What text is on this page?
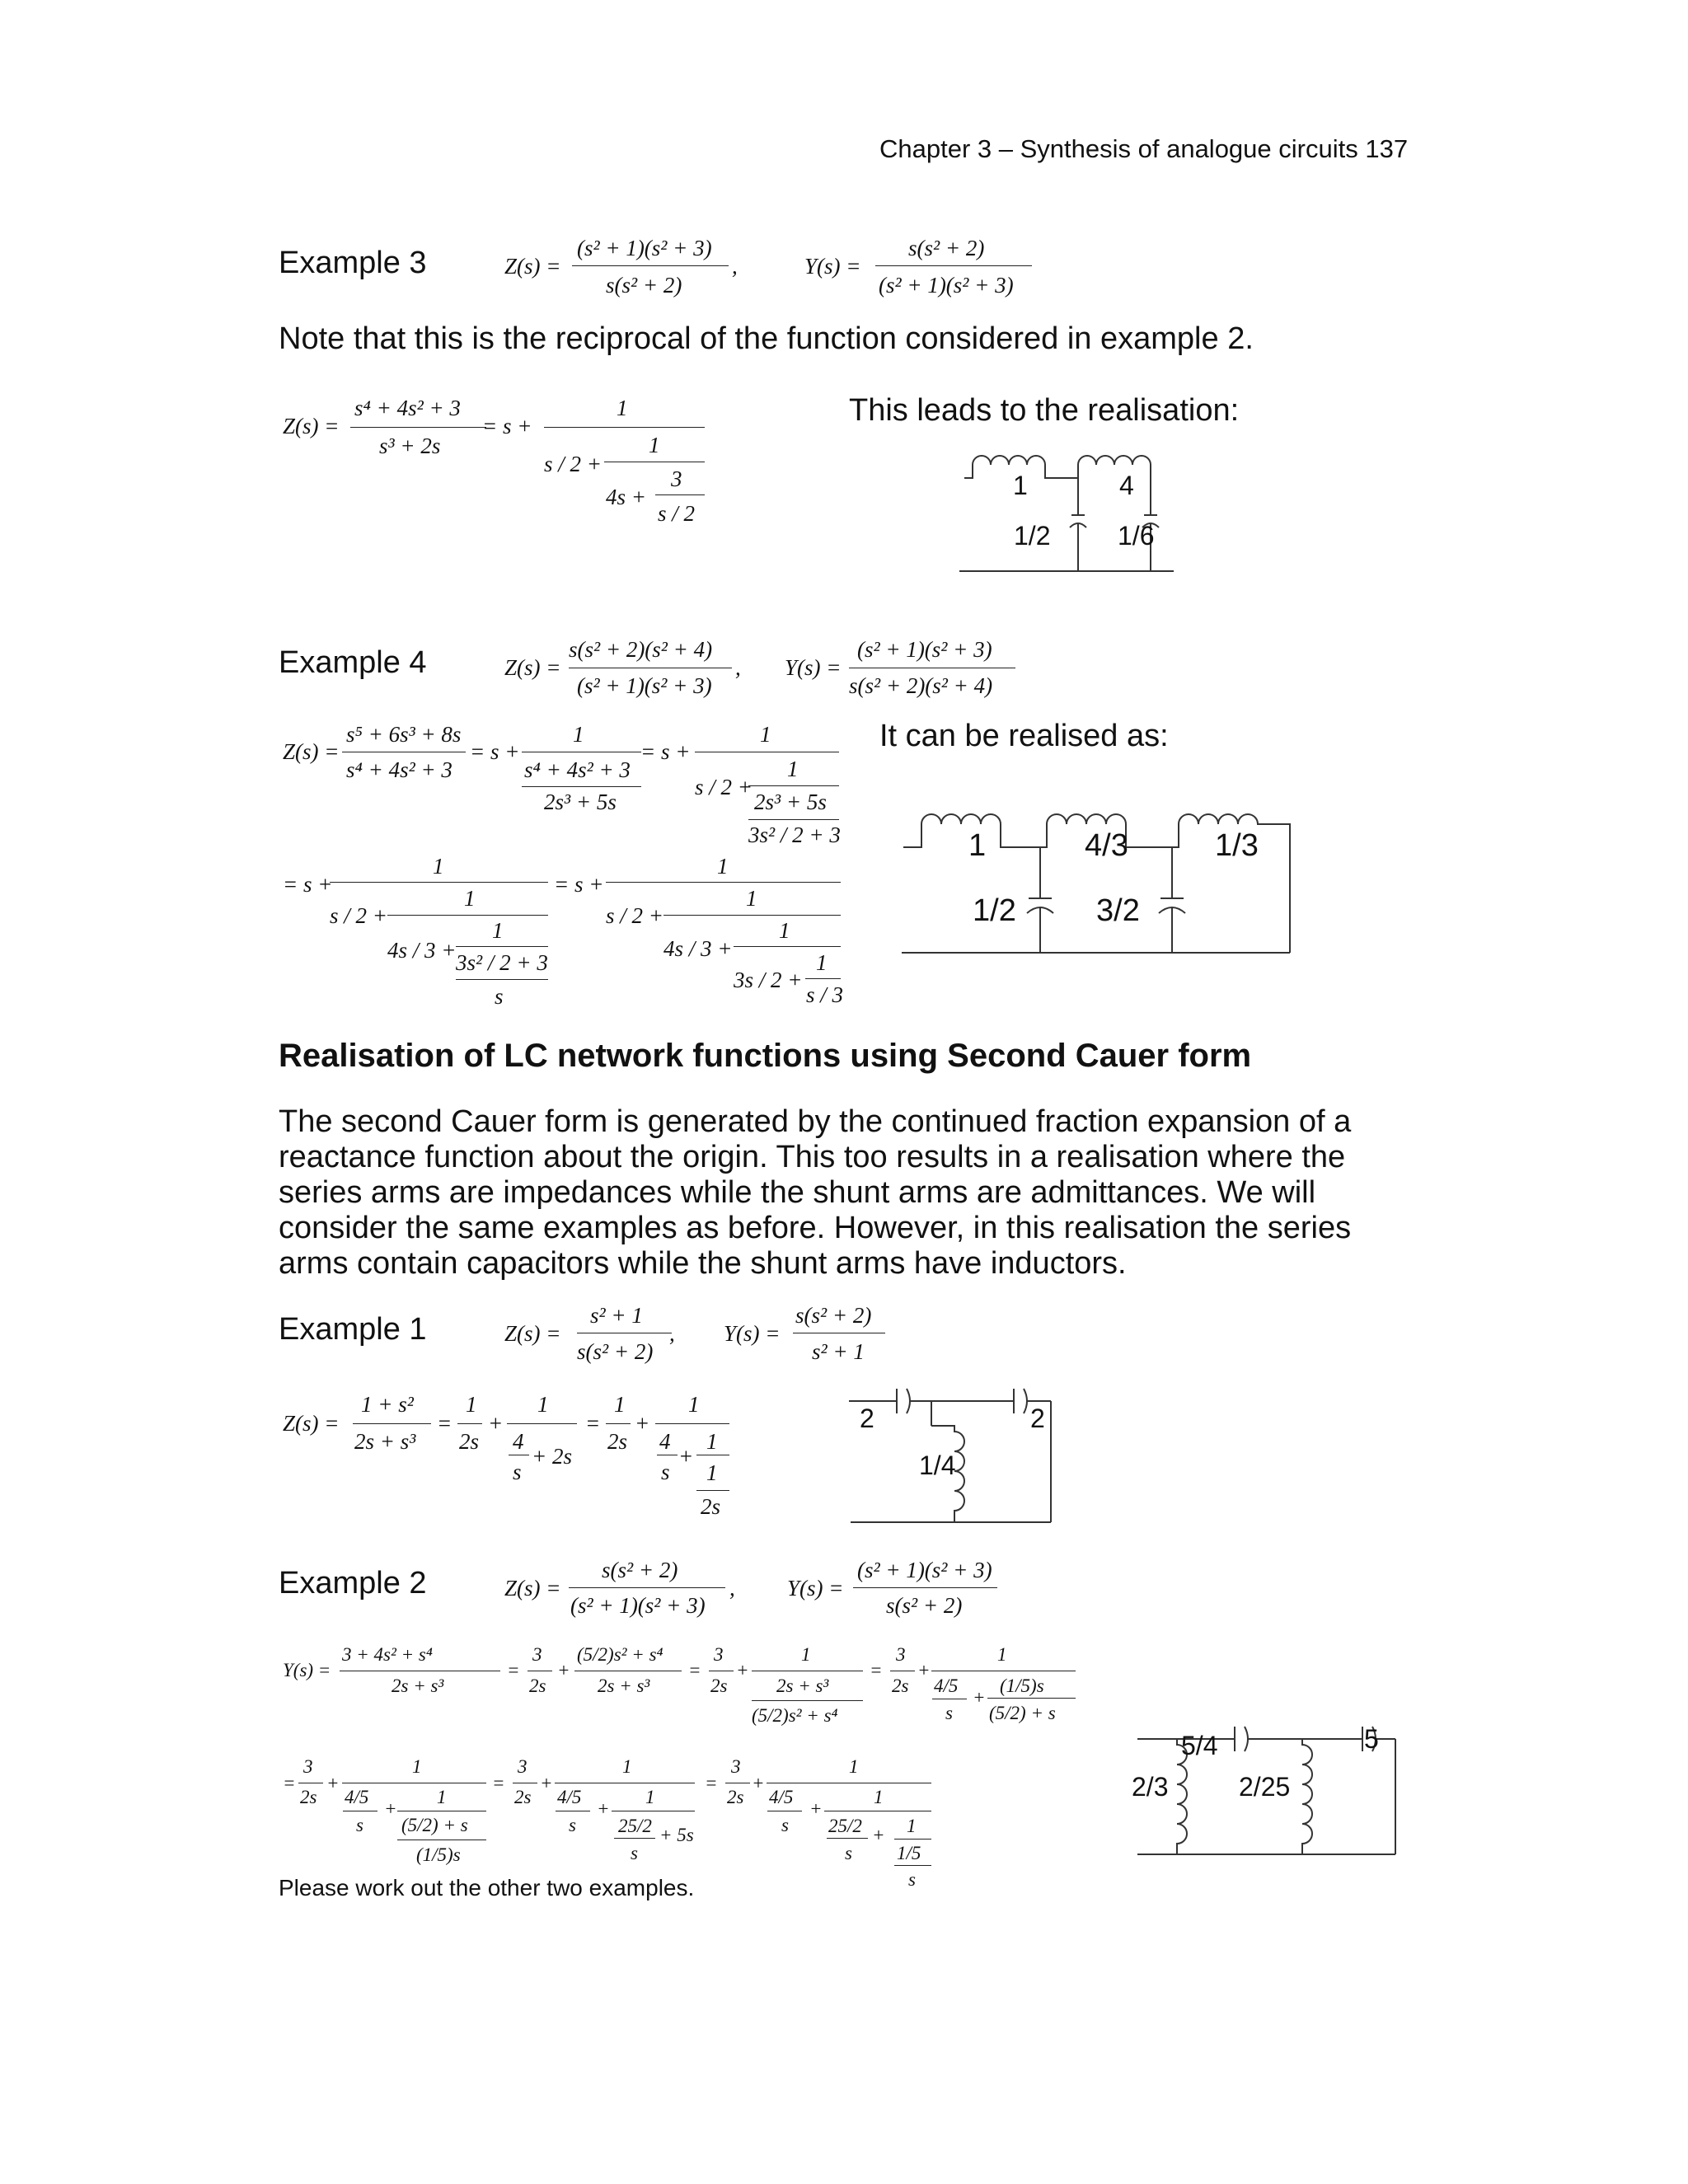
Chapter 3 – Synthesis of analogue circuits 137
Example 3	Z(s) =
(s² + 1)(s² + 3)
s(s² + 2)
,	Y(s) =
s(s² + 2)
(s² + 1)(s² + 3)
Note that this is the reciprocal of the function considered in example 2.
Z(s) =
s⁴ + 4s² + 3
s³ + 2s
= s +
1
s / 2 +
1
4s +
3
s / 2
This leads to the realisation:
1	4
1/2	1/6
Example 4	Z(s) =
s(s² + 2)(s² + 4)
(s² + 1)(s² + 3)
, Y(s) =
(s² + 1)(s² + 3)
s(s² + 2)(s² + 4)
Z(s) =
s⁵ + 6s³ + 8s
s⁴ + 4s² + 3
= s +
1
s⁴ + 4s² + 3
2s³ + 5s
= s +
1
s / 2 +
1
2s³ + 5s
3s² / 2 + 3
= s +
1
s / 2 +
1
4s / 3 +
1
3s² / 2 + 3
s
= s +
1
s / 2 +
1
4s / 3 +
1
3s / 2 +
1
s / 3
It can be realised as:
1	4/3	1/3
1/2	3/2
Realisation of LC network functions using Second Cauer form
The second Cauer form is generated by the continued fraction expansion of a
reactance function about the origin. This too results in a realisation where the
series arms are impedances while the shunt arms are admittances. We will
consider the same examples as before. However, in this realisation the series
arms contain capacitors while the shunt arms have inductors.
Example 1	Z(s) =
s² + 1
s(s² + 2)
, Y(s) =
s(s² + 2)
s² + 1
Z(s) =
1 + s²
2s + s³
=
1
2s
+
1
4
s
+ 2s
=
1
2s
+
1
4
s
+
1
1
2s
2	2
1/4
Example 2	Z(s) =
s(s² + 2)
(s² + 1)(s² + 3)
, Y(s) =
(s² + 1)(s² + 3)
s(s² + 2)
Y(s) =
3 + 4s² + s⁴
2s + s³
=
3
2s
+
(5/2)s² + s⁴
2s + s³
=
3
2s
+
1
2s + s³
(5/2)s² + s⁴
=
3
2s
+
1
4/5
s
+
(1/5)s
(5/2) + s
=
3
2s
+
1
4/5
s
+
1
(5/2) + s
(1/5)s
=
3
2s
+
1
4/5
s
+
1
25/2
s
+ 5s
=
3
2s
+
1
4/5
s
+
1
25/2
s
+ 1
1/5
s
5/4	5
2/3	2/25
Please work out the other two examples.
